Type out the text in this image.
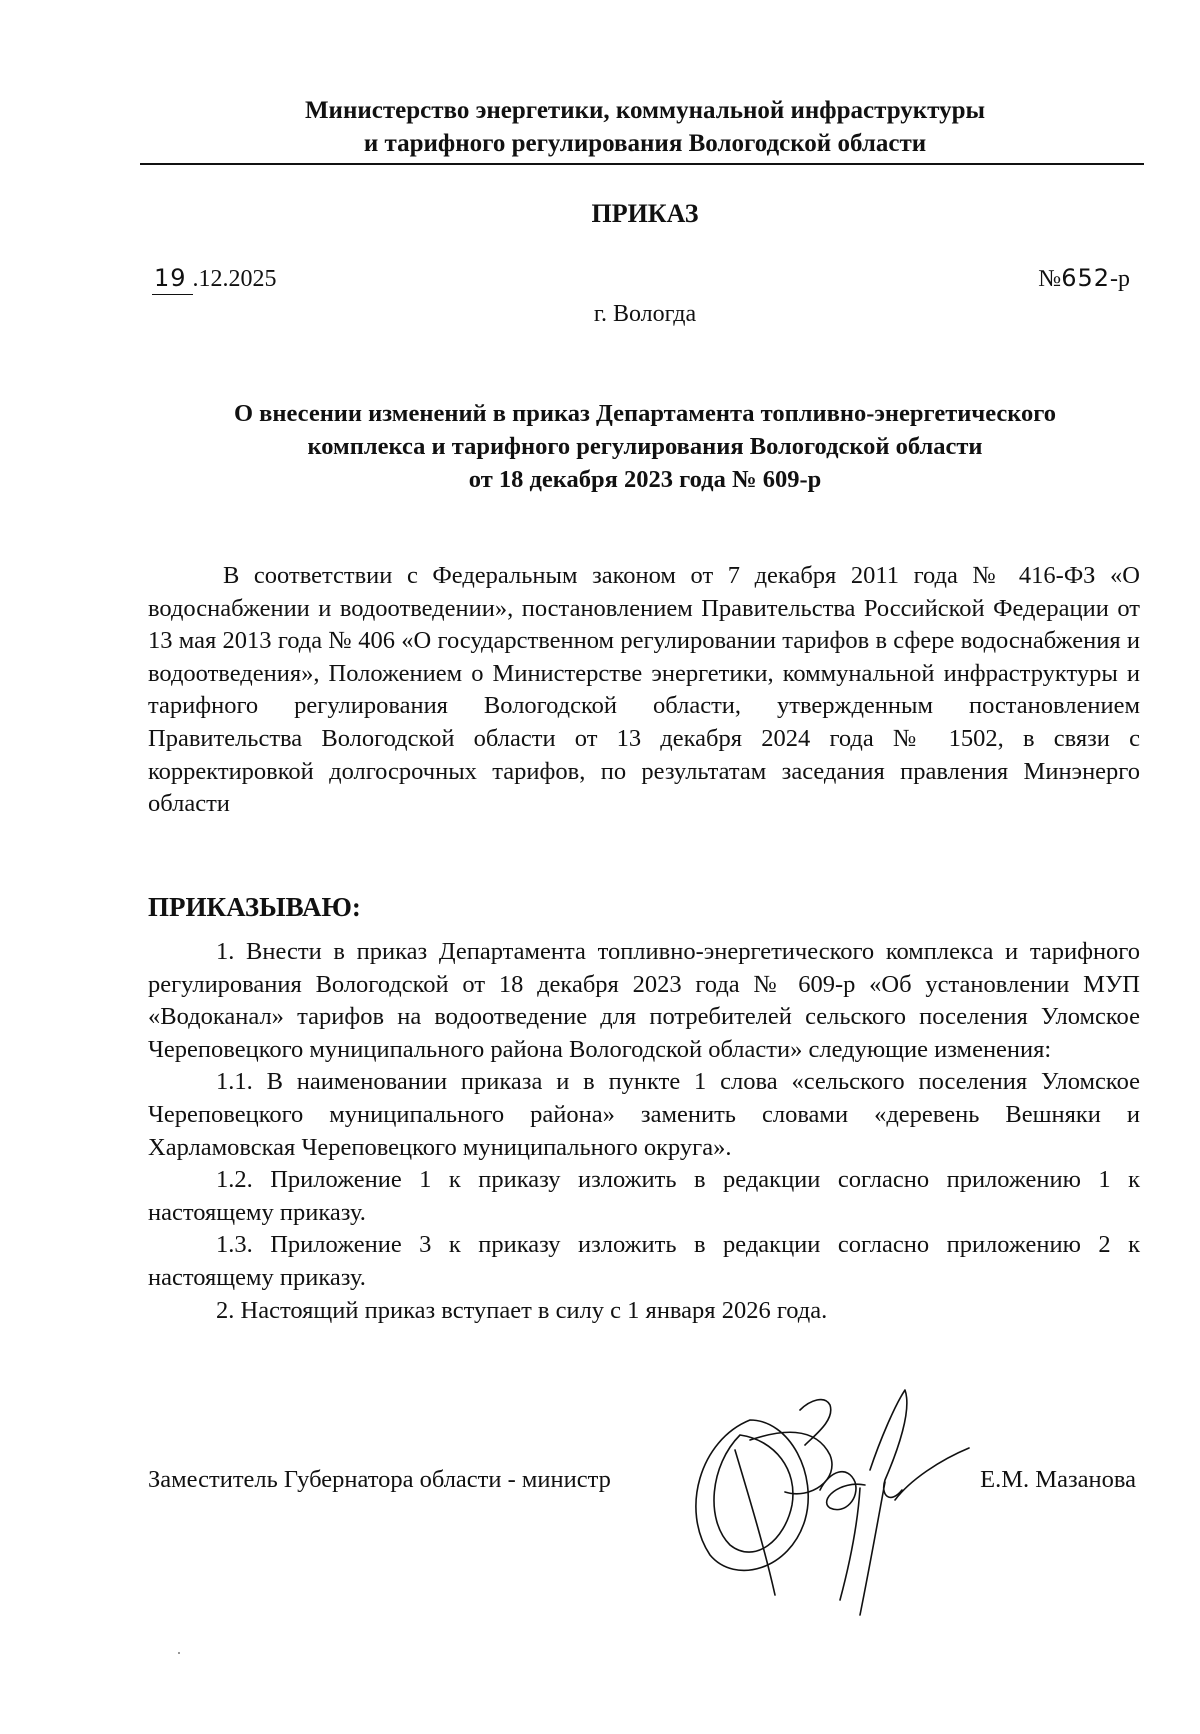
Министерство энергетики, коммунальной инфраструктуры
и тарифного регулирования Вологодской области
ПРИКАЗ
19 .12.2025	№652-р
г. Вологда
О внесении изменений в приказ Департамента топливно-энергетического
комплекса и тарифного регулирования Вологодской области
от 18 декабря 2023 года № 609-р

В соответствии с Федеральным законом от 7 декабря 2011 года № 416-ФЗ «О водоснабжении и водоотведении», постановлением Правительства Российской Федерации от 13 мая 2013 года № 406 «О государственном регулировании тарифов в сфере водоснабжения и водоотведения», Положением о Министерстве энергетики, коммунальной инфраструктуры и тарифного регулирования Вологодской области, утвержденным постановлением Правительства Вологодской области от 13 декабря 2024 года № 1502, в связи с корректировкой долгосрочных тарифов, по результатам заседания правления Минэнерго области

ПРИКАЗЫВАЮ:

1. Внести в приказ Департамента топливно-энергетического комплекса и тарифного регулирования Вологодской от 18 декабря 2023 года № 609-р «Об установлении МУП «Водоканал» тарифов на водоотведение для потребителей сельского поселения Уломское Череповецкого муниципального района Вологодской области» следующие изменения:

1.1. В наименовании приказа и в пункте 1 слова «сельского поселения Уломское Череповецкого муниципального района» заменить словами «деревень Вешняки и Харламовская Череповецкого муниципального округа».

1.2. Приложение 1 к приказу изложить в редакции согласно приложению 1 к настоящему приказу.

1.3. Приложение 3 к приказу изложить в редакции согласно приложению 2 к настоящему приказу.

2. Настоящий приказ вступает в силу с 1 января 2026 года.

Заместитель Губернатора области - министр	Е.М. Мазанова
